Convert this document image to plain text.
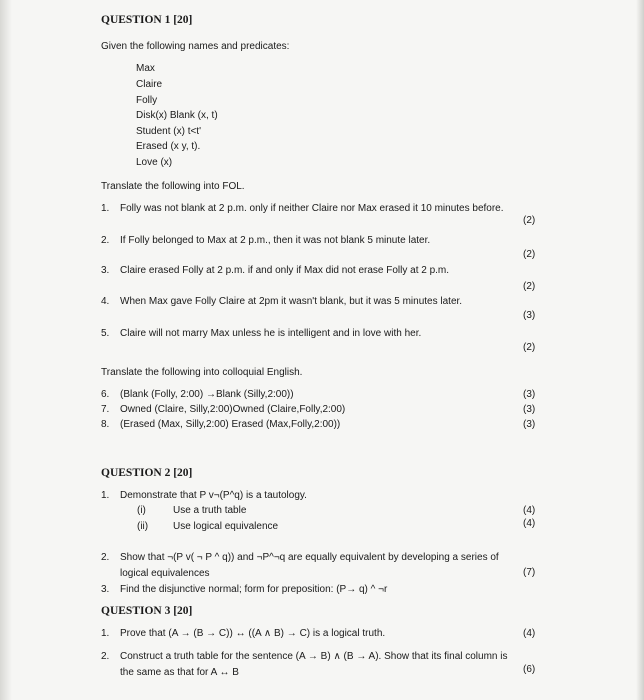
QUESTION 1 [20]
Given the following names and predicates:
Max
Claire
Folly
Disk(x) Blank (x, t)
Student (x) t<t'
Erased (x y, t).
Love (x)
Translate the following into FOL.
1. Folly was not blank at 2 p.m. only if neither Claire nor Max erased it 10 minutes before.
(2)
2. If Folly belonged to Max at 2 p.m., then it was not blank 5 minute later.
(2)
3. Claire erased Folly at 2 p.m. if and only if Max did not erase Folly at 2 p.m.
(2)
4. When Max gave Folly Claire at 2pm it wasn't blank, but it was 5 minutes later.
(3)
5. Claire will not marry Max unless he is intelligent and in love with her.
(2)
Translate the following into colloquial English.
6. (Blank (Folly, 2:00) →Blank (Silly,2:00))	(3)
7. Owned (Claire, Silly,2:00)Owned (Claire,Folly,2:00)	(3)
8. (Erased (Max, Silly,2:00) Erased (Max,Folly,2:00))	(3)
QUESTION 2 [20]
1. Demonstrate that P v¬(P^q) is a tautology.
(i)	Use a truth table	(4)
(ii) Use logical equivalence	(4)
2. Show that ¬(P v( ¬ P ^ q)) and ¬P^¬q are equally equivalent by developing a series of
logical equivalences	(7)
3. Find the disjunctive normal; form for preposition: (P→ q) ^ ¬r
QUESTION 3 [20]
1. Prove that (A → (B → C)) ↔ ((A ∧ B) → C) is a logical truth.	(4)
2. Construct a truth table for the sentence (A → B) ∧ (B → A). Show that its final column is
the same as that for A ↔ B	(6)
